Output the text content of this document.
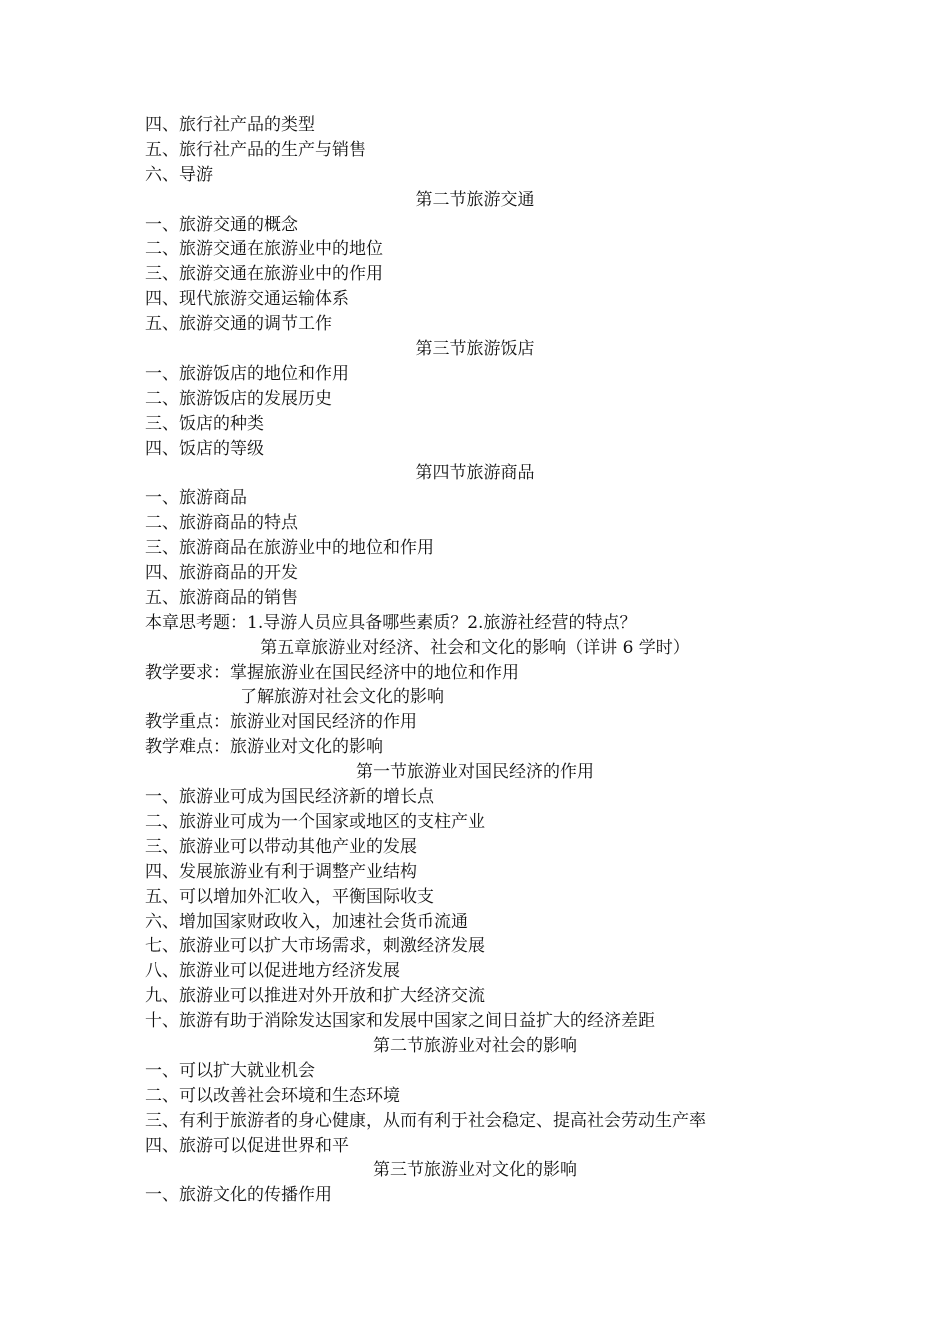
四、旅行社产品的类型
五、旅行社产品的生产与销售
六、导游
第二节旅游交通
一、旅游交通的概念
二、旅游交通在旅游业中的地位
三、旅游交通在旅游业中的作用
四、现代旅游交通运输体系
五、旅游交通的调节工作
第三节旅游饭店
一、旅游饭店的地位和作用
二、旅游饭店的发展历史
三、饭店的种类
四、饭店的等级
第四节旅游商品
一、旅游商品
二、旅游商品的特点
三、旅游商品在旅游业中的地位和作用
四、旅游商品的开发
五、旅游商品的销售
本章思考题：1.导游人员应具备哪些素质？2.旅游社经营的特点？
第五章旅游业对经济、社会和文化的影响（详讲 6 学时）
教学要求：掌握旅游业在国民经济中的地位和作用
了解旅游对社会文化的影响
教学重点：旅游业对国民经济的作用
教学难点：旅游业对文化的影响
第一节旅游业对国民经济的作用
一、旅游业可成为国民经济新的增长点
二、旅游业可成为一个国家或地区的支柱产业
三、旅游业可以带动其他产业的发展
四、发展旅游业有利于调整产业结构
五、可以增加外汇收入，平衡国际收支
六、增加国家财政收入，加速社会货币流通
七、旅游业可以扩大市场需求，刺激经济发展
八、旅游业可以促进地方经济发展
九、旅游业可以推进对外开放和扩大经济交流
十、旅游有助于消除发达国家和发展中国家之间日益扩大的经济差距
第二节旅游业对社会的影响
一、可以扩大就业机会
二、可以改善社会环境和生态环境
三、有利于旅游者的身心健康，从而有利于社会稳定、提高社会劳动生产率
四、旅游可以促进世界和平
第三节旅游业对文化的影响
一、旅游文化的传播作用
